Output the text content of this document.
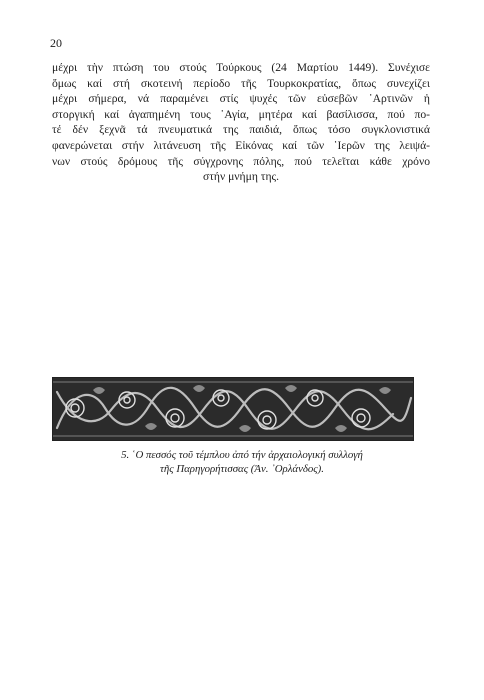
20
μέχρι τὴν πτώση του στούς Τούρκους (24 Μαρτίου 1449). Συνέχισε
ὅμως καί στή σκοτεινή περίοδο τῆς Τουρκοκρατίας, ὅπως συνεχίζει
μέχρι σήμερα, νά παραμένει στίς ψυχές τῶν εὐσεβῶν ᾽Αρτινῶν ἡ
στοργική καί ἀγαπημένη τους ῾Αγία, μητέρα καί βασίλισσα, πού πο-
τέ δέν ξεχνᾶ τά πνευματικά της παιδιά, ὅπως τόσο συγκλονιστικά
φανερώνεται στήν λιτάνευση τῆς Εἰκόνας καί τῶν ῾Ιερῶν της λειψά-
νων στούς δρόμους τῆς σύγχρονης πόλης, πού τελεῖται κάθε χρόνο
στήν μνήμη της.
5. ῾Ο πεσσός τοῦ τέμπλου ἀπό τήν ἀρχαιολογική συλλογή
τῆς Παρηγορήτισσας (Ἀν. ᾽Ορλάνδος).
